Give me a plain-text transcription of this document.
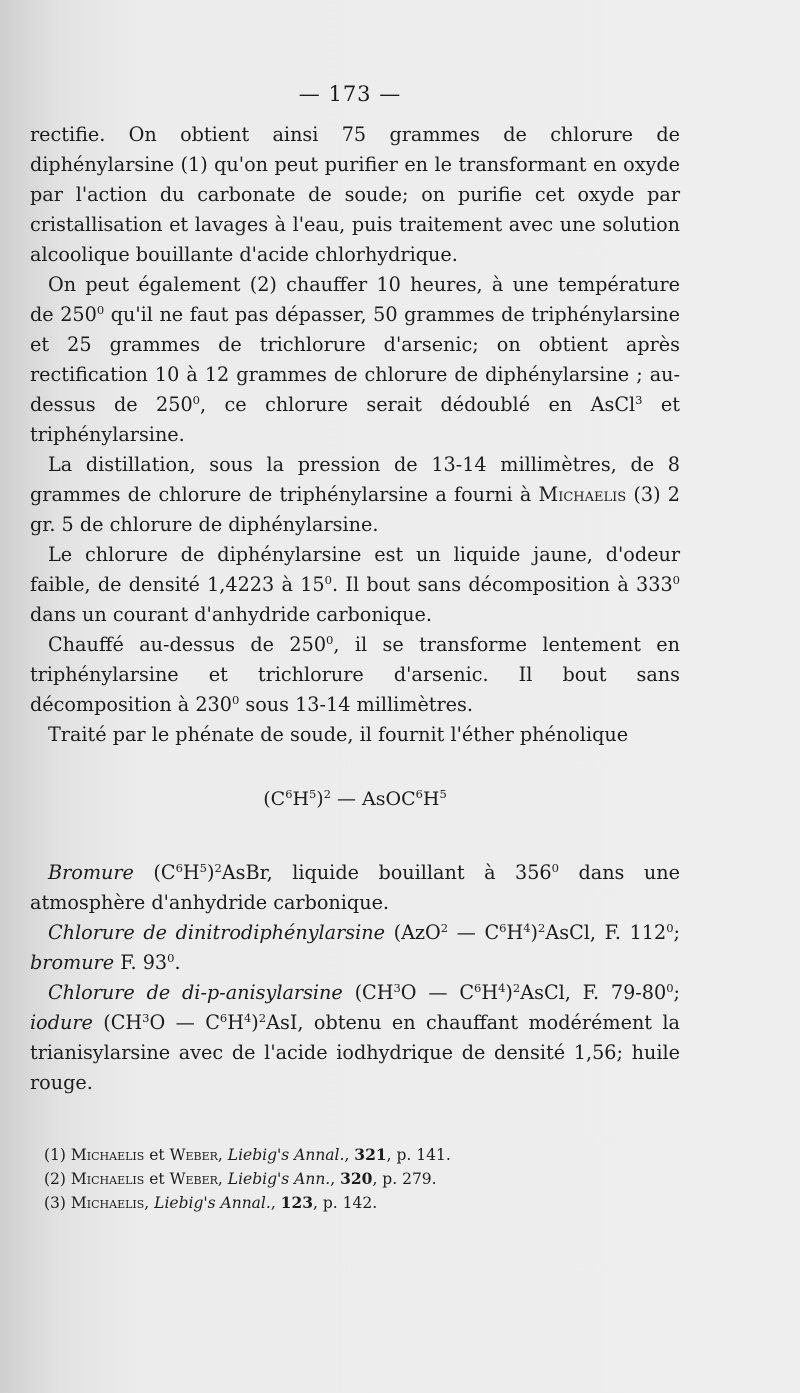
— 173 —

rectifie. On obtient ainsi 75 grammes de chlorure de diphénylarsine (1) qu'on peut purifier en le transformant en oxyde par l'action du carbonate de soude; on purifie cet oxyde par cristallisation et lavages à l'eau, puis traitement avec une solution alcoolique bouillante d'acide chlorhydrique.

On peut également (2) chauffer 10 heures, à une température de $250^0$ qu'il ne faut pas dépasser, 50 grammes de triphénylarsine et 25 grammes de trichlorure d'arsenic; on obtient après rectification 10 à 12 grammes de chlorure de diphénylarsine ; au-dessus de $250^0$, ce chlorure serait dédoublé en AsCl$^3$ et triphénylarsine.

La distillation, sous la pression de 13-14 millimètres, de 8 grammes de chlorure de triphénylarsine a fourni à Michaelis (3) 2 gr. 5 de chlorure de diphénylarsine.

Le chlorure de diphénylarsine est un liquide jaune, d'odeur faible, de densité 1,4223 à $15^0$. Il bout sans décomposition à $333^0$ dans un courant d'anhydride carbonique.

Chauffé au-dessus de $250^0$, il se transforme lentement en triphénylarsine et trichlorure d'arsenic. Il bout sans décomposition à $230^0$ sous 13-14 millimètres.

Traité par le phénate de soude, il fournit l'éther phénolique

$(C^6H^5)^2$ — $AsOC^6H^5$

Bromure $(C^6H^5)^2AsBr$, liquide bouillant à $356^0$ dans une atmosphère d'anhydride carbonique.

Chlorure de dinitrodiphénylarsine (AzO$^2$ — $C^6H^4)^2AsCl$, F. $112^0$; bromure F. $93^0$.

Chlorure de di-p-anisylarsine ($CH^3O$ — $C^6H^4)^2AsCl$, F. $79-80^0$; iodure ($CH^3O$ — $C^6H^4)^2AsI$, obtenu en chauffant modérément la trianisylarsine avec de l'acide iodhydrique de densité 1,56; huile rouge.

(1) Michaelis et Weber, Liebig's Annal., 321, p. 141.
(2) Michaelis et Weber, Liebig's Ann., 320, p. 279.
(3) Michaelis, Liebig's Annal., 123, p. 142.
